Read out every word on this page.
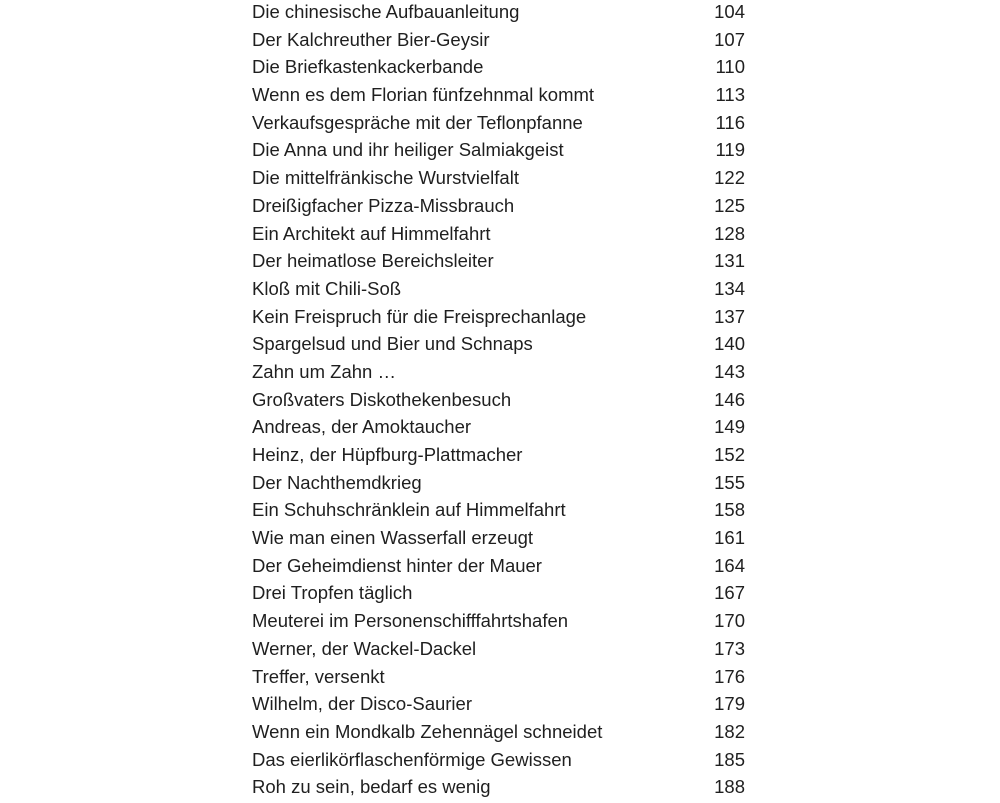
Die chinesische Aufbauanleitung	104
Der Kalchreuther Bier-Geysir	107
Die Briefkastenkackerbande	110
Wenn es dem Florian fünfzehnmal kommt	113
Verkaufsgespräche mit der Teflonpfanne	116
Die Anna und ihr heiliger Salmiakgeist	119
Die mittelfränkische Wurstvielfalt	122
Dreißigfacher Pizza-Missbrauch	125
Ein Architekt auf Himmelfahrt	128
Der heimatlose Bereichsleiter	131
Kloß mit Chili-Soß	134
Kein Freispruch für die Freisprechanlage	137
Spargelsud und Bier und Schnaps	140
Zahn um Zahn …	143
Großvaters Diskothekenbesuch	146
Andreas, der Amoktaucher	149
Heinz, der Hüpfburg-Plattmacher	152
Der Nachthemdkrieg	155
Ein Schuhschränklein auf Himmelfahrt	158
Wie man einen Wasserfall erzeugt	161
Der Geheimdienst hinter der Mauer	164
Drei Tropfen täglich	167
Meuterei im Personenschifffahrtshafen	170
Werner, der Wackel-Dackel	173
Treffer, versenkt	176
Wilhelm, der Disco-Saurier	179
Wenn ein Mondkalb Zehennägel schneidet	182
Das eierlikörflaschenförmige Gewissen	185
Roh zu sein, bedarf es wenig	188
